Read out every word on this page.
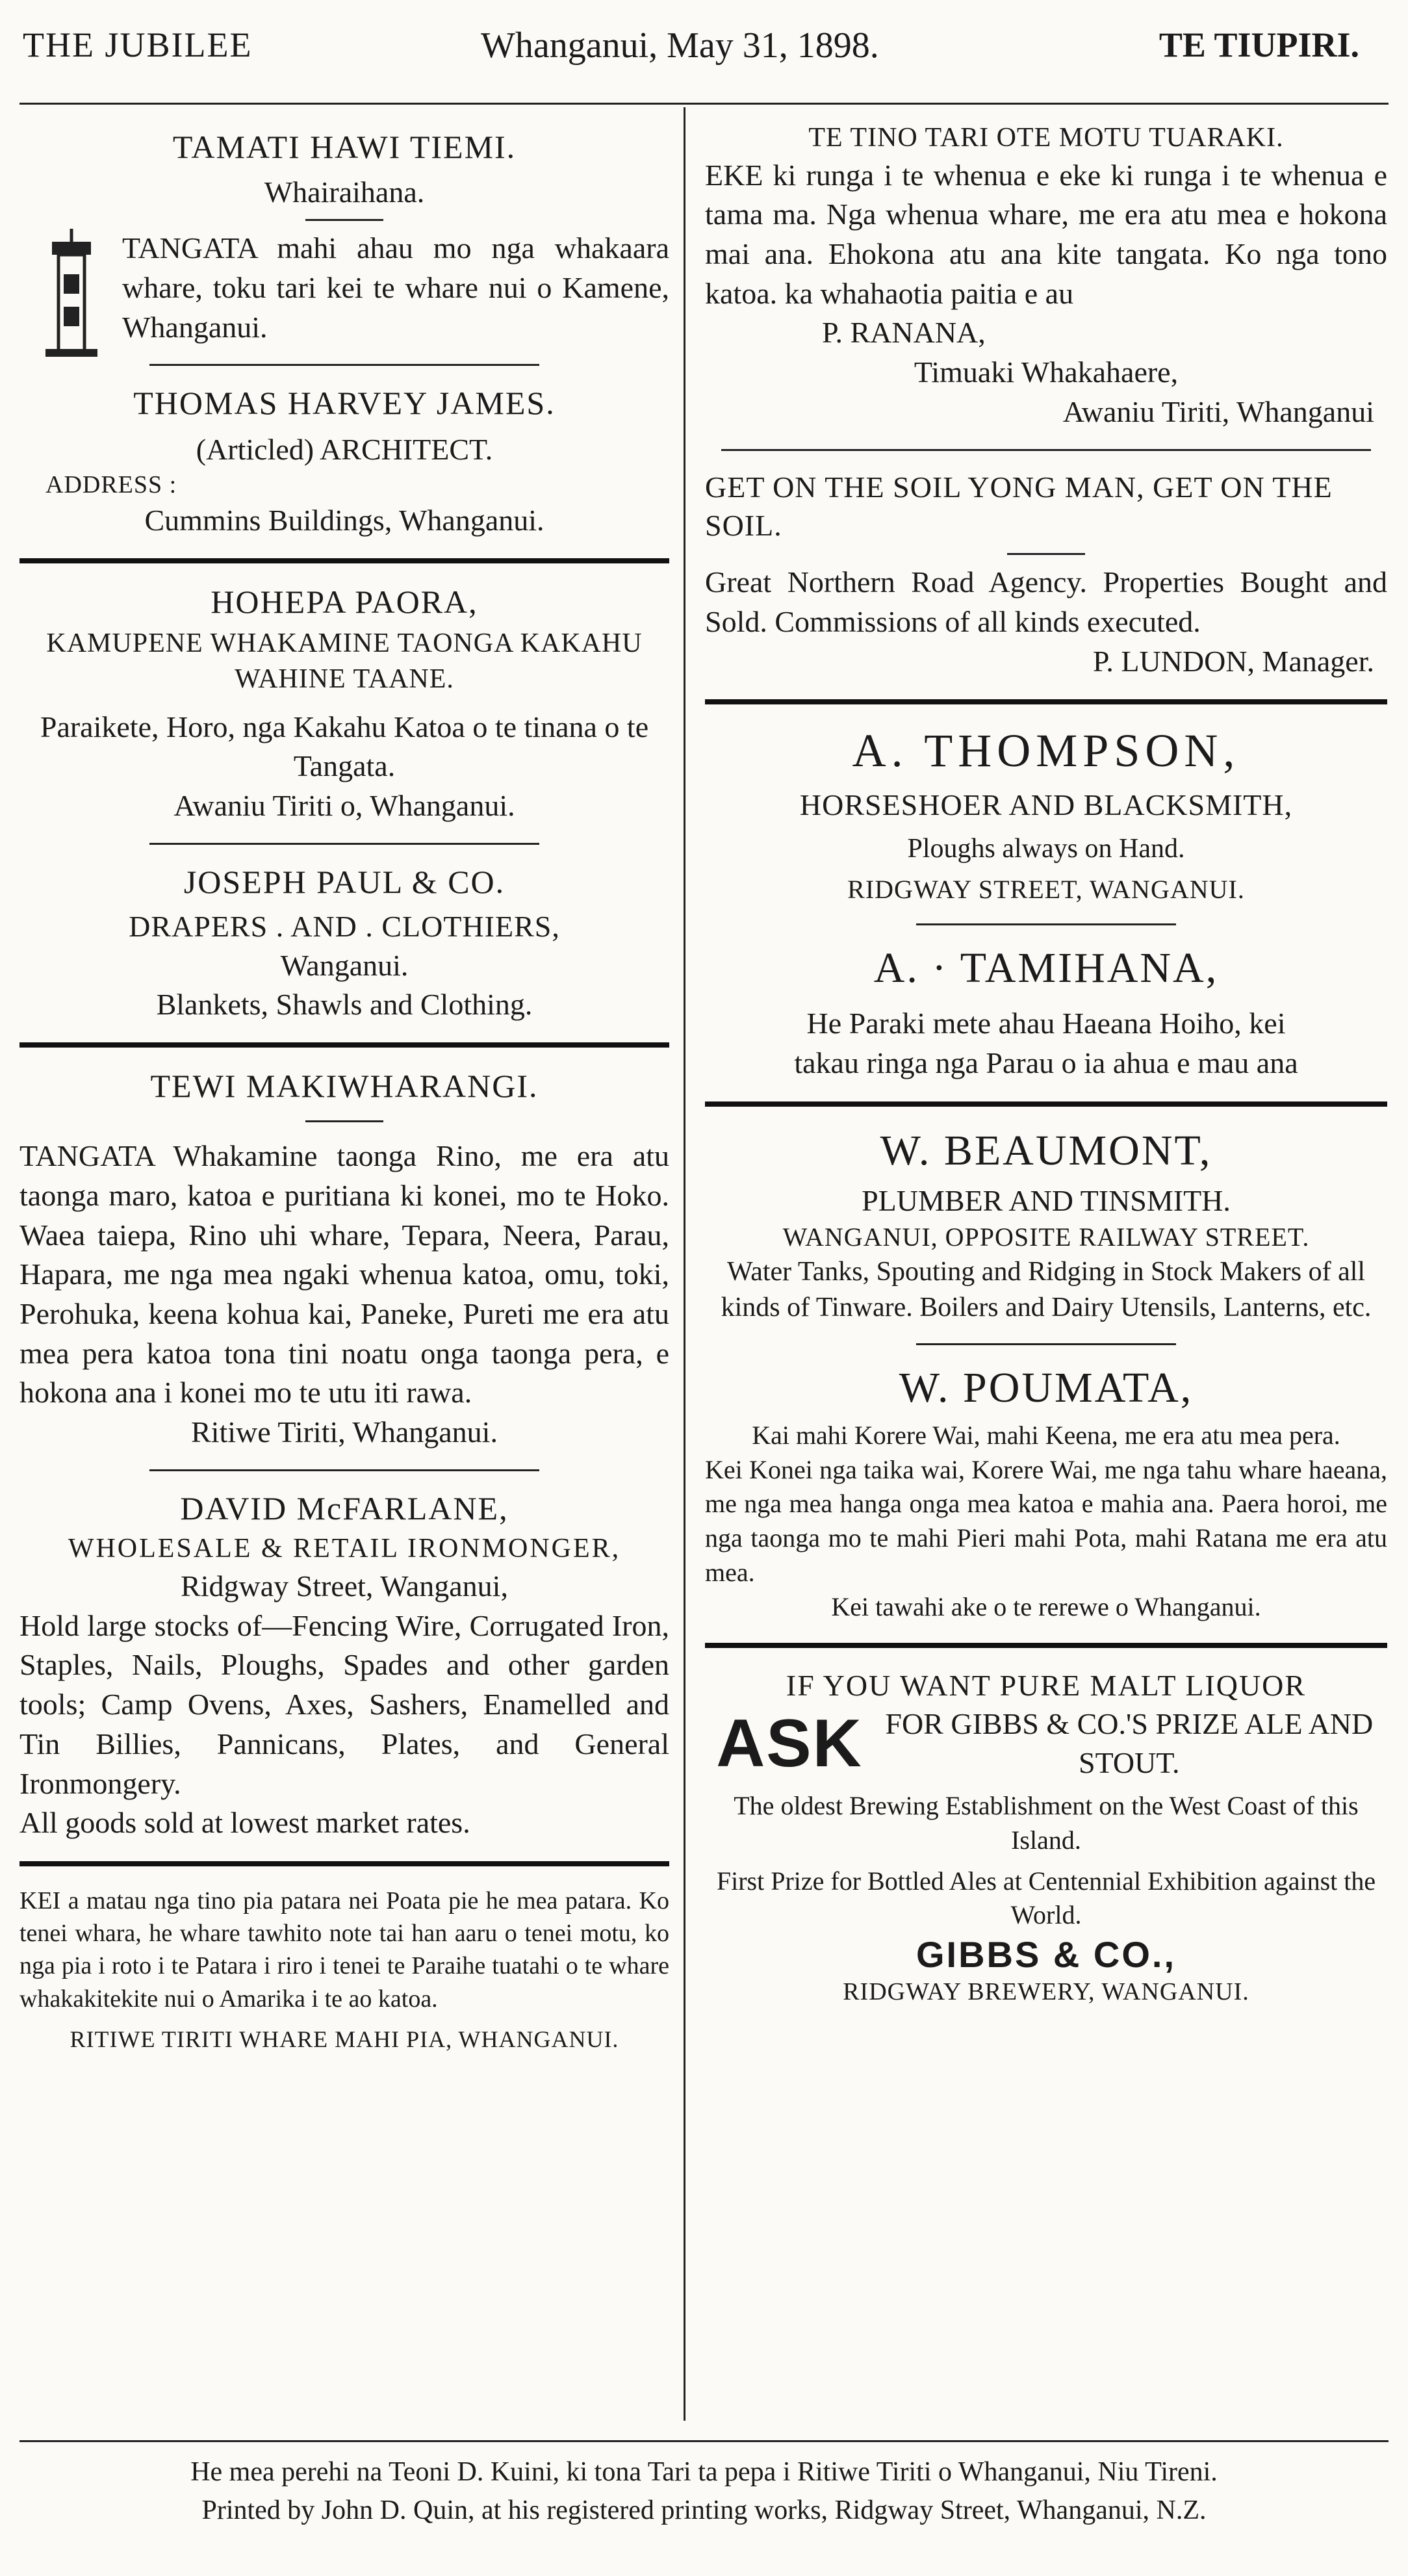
THE JUBILEE	Whanganui, May 31, 1898.	TE TIUPIRI.

TAMATI HAWI TIEMI.

Whairaihana.

TANGATA mahi ahau mo nga whakaara whare, toku tari kei te whare nui o Kamene, Whanganui.

THOMAS HARVEY JAMES.

(Articled) ARCHITECT.

ADDRESS :

Cummins Buildings, Whanganui.

HOHEPA PAORA,

KAMUPENE WHAKAMINE TAONGA KAKAHU

WAHINE TAANE.

Paraikete, Horo, nga Kakahu Katoa o te tinana o te Tangata.

Awaniu Tiriti o, Whanganui.

JOSEPH PAUL & CO.

DRAPERS . AND . CLOTHIERS,

Wanganui.

Blankets, Shawls and Clothing.

TEWI MAKIWHARANGI.

TANGATA Whakamine taonga Rino, me era atu taonga maro, katoa e puritiana ki konei, mo te Hoko. Waea taiepa, Rino uhi whare, Tepara, Neera, Parau, Hapara, me nga mea ngaki whenua katoa, omu, toki, Perohuka, keena kohua kai, Paneke, Pureti me era atu mea pera katoa tona tini noatu onga taonga pera, e hokona ana i konei mo te utu iti rawa.

Ritiwe Tiriti, Whanganui.

DAVID McFARLANE,

WHOLESALE & RETAIL IRONMONGER,

Ridgway Street, Wanganui,

Hold large stocks of—Fencing Wire, Corrugated Iron, Staples, Nails, Ploughs, Spades and other garden tools; Camp Ovens, Axes, Sashers, Enamelled and Tin Billies, Pannicans, Plates, and General Ironmongery.

All goods sold at lowest market rates.

KEI a matau nga tino pia patara nei Poata pie he mea patara. Ko tenei whara, he whare tawhito note tai han aaru o tenei motu, ko nga pia i roto i te Patara i riro i tenei te Paraihe tuatahi o te whare whakakitekite nui o Amarika i te ao katoa.

RITIWE TIRITI WHARE MAHI PIA, WHANGANUI.

TE TINO TARI OTE MOTU TUARAKI.

EKE ki runga i te whenua e eke ki runga i te whenua e tama ma. Nga whenua whare, me era atu mea e hokona mai ana. Ehokona atu ana kite tangata. Ko nga tono katoa. ka whahaotia paitia e au

P. RANANA,

Timuaki Whakahaere,

Awaniu Tiriti, Whanganui

GET ON THE SOIL YONG MAN, GET ON THE SOIL.

Great Northern Road Agency. Properties Bought and Sold. Commissions of all kinds executed.

P. LUNDON, Manager.

A. THOMPSON,

HORSESHOER AND BLACKSMITH,

Ploughs always on Hand.

RIDGWAY STREET, WANGANUI.

A. · TAMIHANA,

He Paraki mete ahau Haeana Hoiho, kei takau ringa nga Parau o ia ahua e mau ana

W. BEAUMONT,

PLUMBER AND TINSMITH.

WANGANUI, OPPOSITE RAILWAY STREET.

Water Tanks, Spouting and Ridging in Stock Makers of all kinds of Tinware. Boilers and Dairy Utensils, Lanterns, etc.

W. POUMATA,

Kai mahi Korere Wai, mahi Keena, me era atu mea pera.

Kei Konei nga taika wai, Korere Wai, me nga tahu whare haeana, me nga mea hanga onga mea katoa e mahia ana. Paera horoi, me nga taonga mo te mahi Pieri mahi Pota, mahi Ratana me era atu mea.

Kei tawahi ake o te rerewe o Whanganui.

IF YOU WANT PURE MALT LIQUOR

ASK FOR GIBBS & CO.'S PRIZE ALE AND STOUT.

The oldest Brewing Establishment on the West Coast of this Island.

First Prize for Bottled Ales at Centennial Exhibition against the World.

GIBBS & CO.,

RIDGWAY BREWERY, WANGANUI.

He mea perehi na Teoni D. Kuini, ki tona Tari ta pepa i Ritiwe Tiriti o Whanganui, Niu Tireni.
Printed by John D. Quin, at his registered printing works, Ridgway Street, Whanganui, N.Z.
